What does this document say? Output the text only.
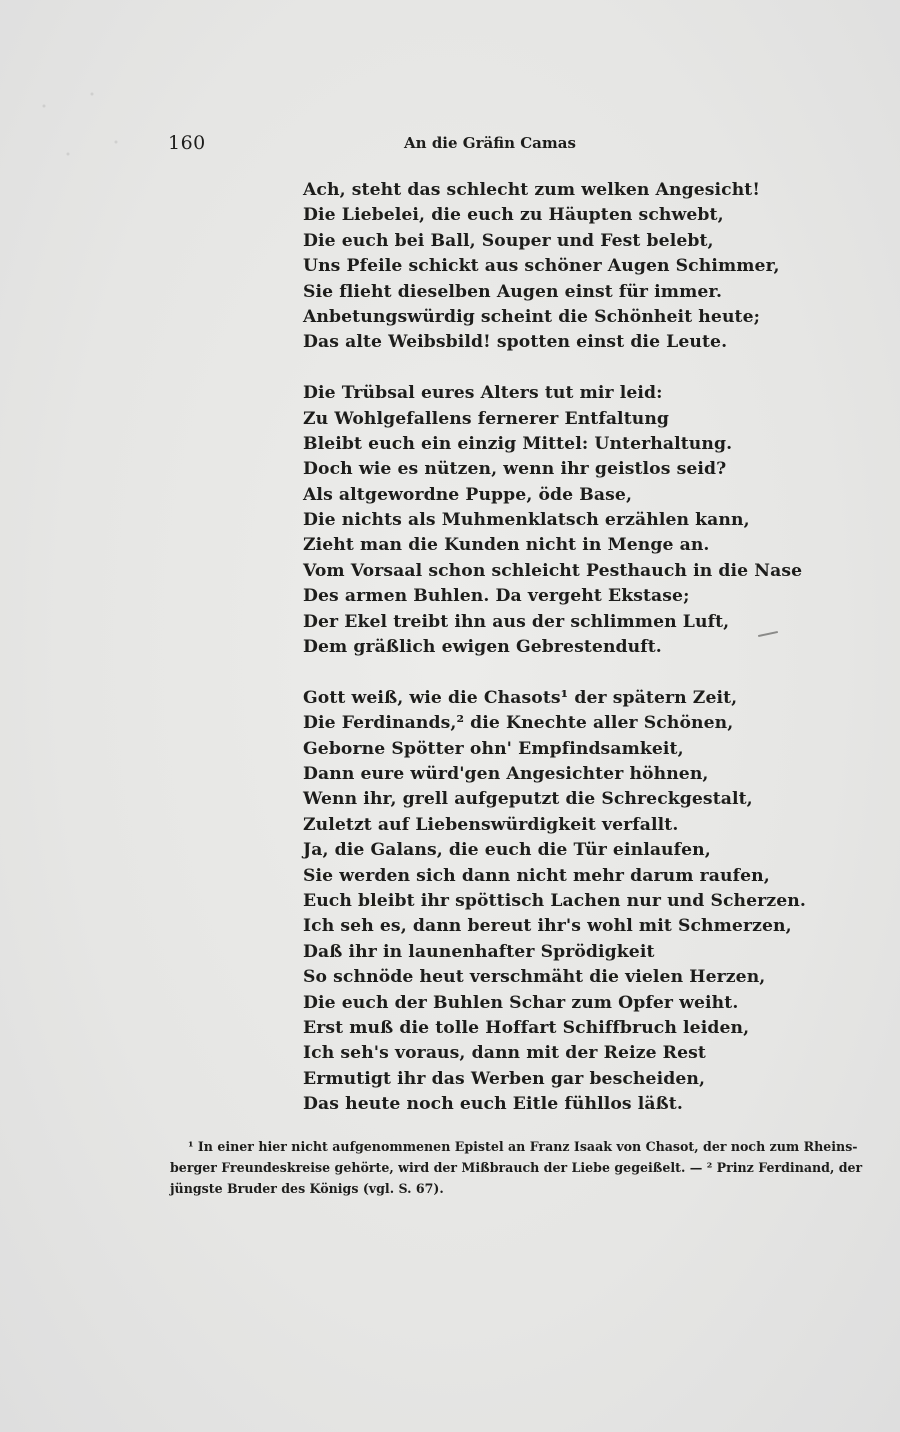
160	An die Gräfin Camas
Ach, steht das schlecht zum welken Angesicht!
Die Liebelei, die euch zu Häupten schwebt,
Die euch bei Ball, Souper und Fest belebt,
Uns Pfeile schickt aus schöner Augen Schimmer,
Sie flieht dieselben Augen einst für immer.
Anbetungswürdig scheint die Schönheit heute;
Das alte Weibsbild! spotten einst die Leute.
Die Trübsal eures Alters tut mir leid:
Zu Wohlgefallens fernerer Entfaltung
Bleibt euch ein einzig Mittel: Unterhaltung.
Doch wie es nützen, wenn ihr geistlos seid?
Als altgewordne Puppe, öde Base,
Die nichts als Muhmenklatsch erzählen kann,
Zieht man die Kunden nicht in Menge an.
Vom Vorsaal schon schleicht Pesthauch in die Nase
Des armen Buhlen. Da vergeht Ekstase;
Der Ekel treibt ihn aus der schlimmen Luft,
Dem gräßlich ewigen Gebrestenduft.
Gott weiß, wie die Chasots¹ der spätern Zeit,
Die Ferdinands,² die Knechte aller Schönen,
Geborne Spötter ohn' Empfindsamkeit,
Dann eure würd'gen Angesichter höhnen,
Wenn ihr, grell aufgeputzt die Schreckgestalt,
Zuletzt auf Liebenswürdigkeit verfallt.
Ja, die Galans, die euch die Tür einlaufen,
Sie werden sich dann nicht mehr darum raufen,
Euch bleibt ihr spöttisch Lachen nur und Scherzen.
Ich seh es, dann bereut ihr's wohl mit Schmerzen,
Daß ihr in launenhafter Sprödigkeit
So schnöde heut verschmäht die vielen Herzen,
Die euch der Buhlen Schar zum Opfer weiht.
Erst muß die tolle Hoffart Schiffbruch leiden,
Ich seh's voraus, dann mit der Reize Rest
Ermutigt ihr das Werben gar bescheiden,
Das heute noch euch Eitle fühllos läßt.
¹ In einer hier nicht aufgenommenen Epistel an Franz Isaak von Chasot, der noch zum Rheins-
berger Freundeskreise gehörte, wird der Mißbrauch der Liebe gegeißelt. — ² Prinz Ferdinand, der
jüngste Bruder des Königs (vgl. S. 67).
